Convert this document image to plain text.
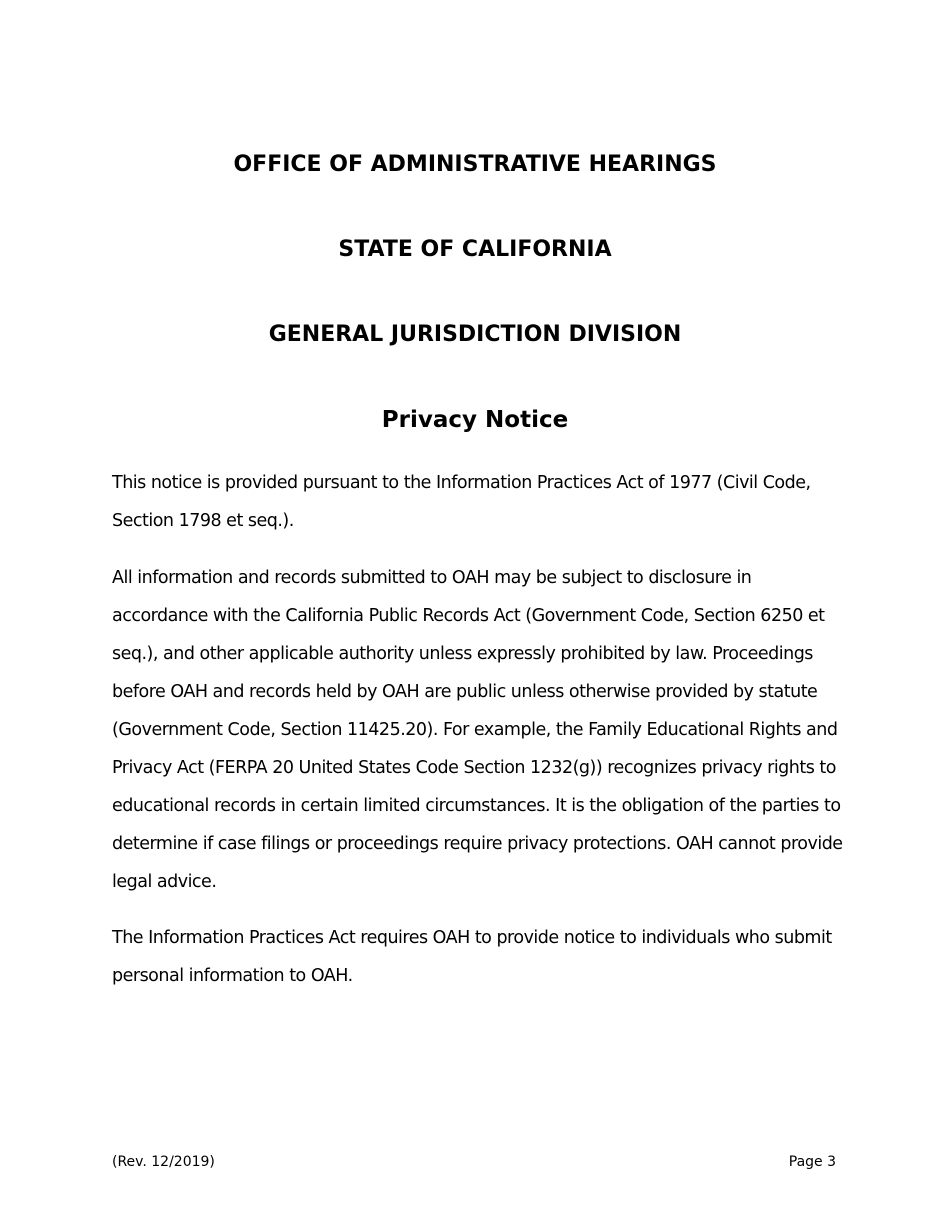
OFFICE OF ADMINISTRATIVE HEARINGS
STATE OF CALIFORNIA
GENERAL JURISDICTION DIVISION
Privacy Notice

This notice is provided pursuant to the Information Practices Act of 1977 (Civil Code, Section 1798 et seq.).

All information and records submitted to OAH may be subject to disclosure in accordance with the California Public Records Act (Government Code, Section 6250 et seq.), and other applicable authority unless expressly prohibited by law. Proceedings before OAH and records held by OAH are public unless otherwise provided by statute (Government Code, Section 11425.20). For example, the Family Educational Rights and Privacy Act (FERPA 20 United States Code Section 1232(g)) recognizes privacy rights to educational records in certain limited circumstances. It is the obligation of the parties to determine if case filings or proceedings require privacy protections. OAH cannot provide legal advice.

The Information Practices Act requires OAH to provide notice to individuals who submit personal information to OAH.

(Rev. 12/2019)	Page 3
